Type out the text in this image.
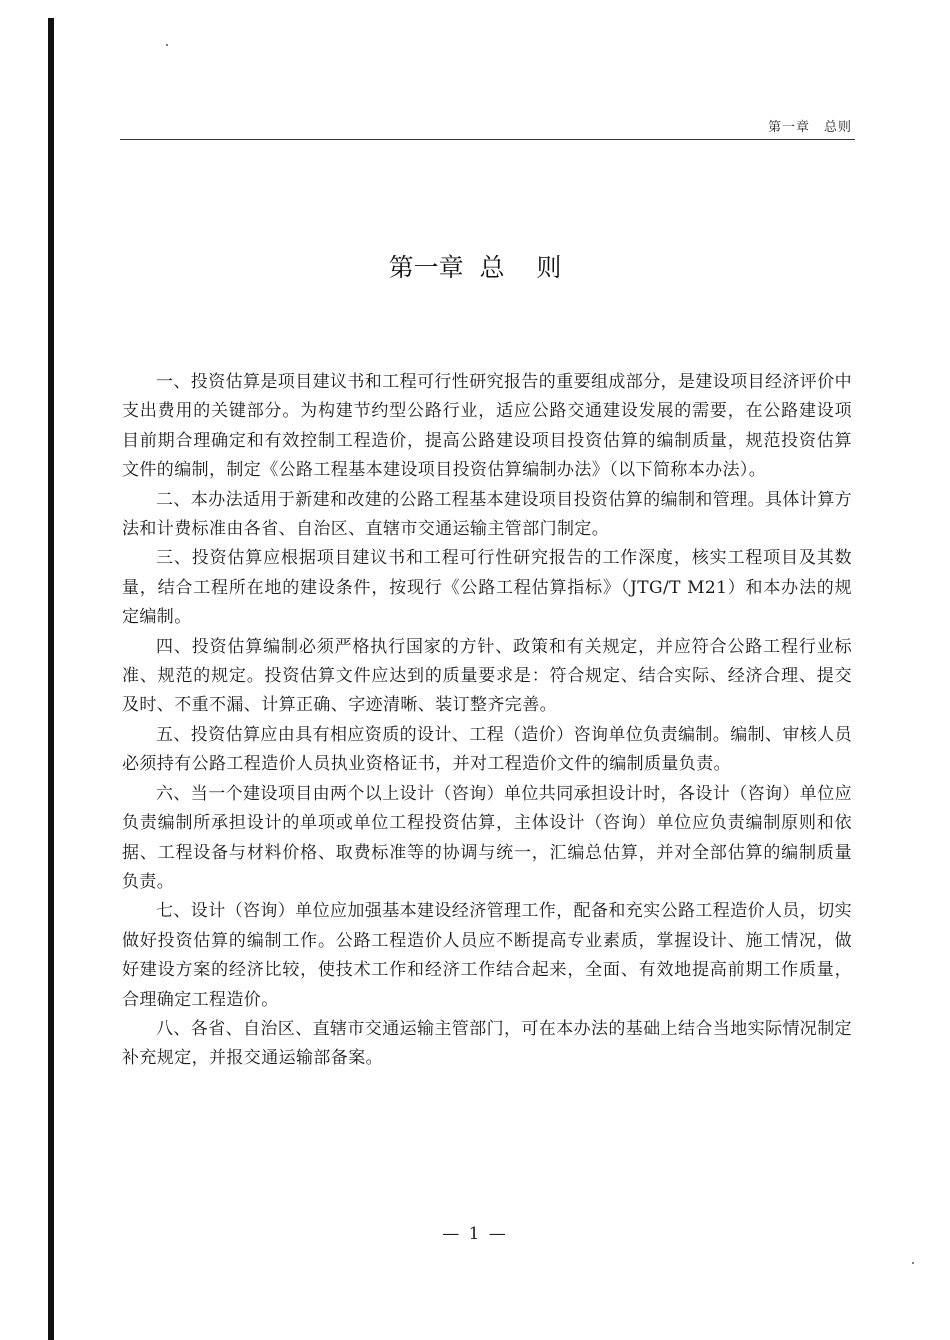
第一章 总则
第一章  总    则

一、投资估算是项目建议书和工程可行性研究报告的重要组成部分，是建设项目经济评价中支出费用的关键部分。为构建节约型公路行业，适应公路交通建设发展的需要，在公路建设项目前期合理确定和有效控制工程造价，提高公路建设项目投资估算的编制质量，规范投资估算文件的编制，制定《公路工程基本建设项目投资估算编制办法》（以下简称本办法）。

二、本办法适用于新建和改建的公路工程基本建设项目投资估算的编制和管理。具体计算方法和计费标准由各省、自治区、直辖市交通运输主管部门制定。

三、投资估算应根据项目建议书和工程可行性研究报告的工作深度，核实工程项目及其数量，结合工程所在地的建设条件，按现行《公路工程估算指标》（JTG/T M21）和本办法的规定编制。

四、投资估算编制必须严格执行国家的方针、政策和有关规定，并应符合公路工程行业标准、规范的规定。投资估算文件应达到的质量要求是：符合规定、结合实际、经济合理、提交及时、不重不漏、计算正确、字迹清晰、装订整齐完善。

五、投资估算应由具有相应资质的设计、工程（造价）咨询单位负责编制。编制、审核人员必须持有公路工程造价人员执业资格证书，并对工程造价文件的编制质量负责。

六、当一个建设项目由两个以上设计（咨询）单位共同承担设计时，各设计（咨询）单位应负责编制所承担设计的单项或单位工程投资估算，主体设计（咨询）单位应负责编制原则和依据、工程设备与材料价格、取费标准等的协调与统一，汇编总估算，并对全部估算的编制质量负责。

七、设计（咨询）单位应加强基本建设经济管理工作，配备和充实公路工程造价人员，切实做好投资估算的编制工作。公路工程造价人员应不断提高专业素质，掌握设计、施工情况，做好建设方案的经济比较，使技术工作和经济工作结合起来，全面、有效地提高前期工作质量，合理确定工程造价。

八、各省、自治区、直辖市交通运输主管部门，可在本办法的基础上结合当地实际情况制定补充规定，并报交通运输部备案。

— 1 —
